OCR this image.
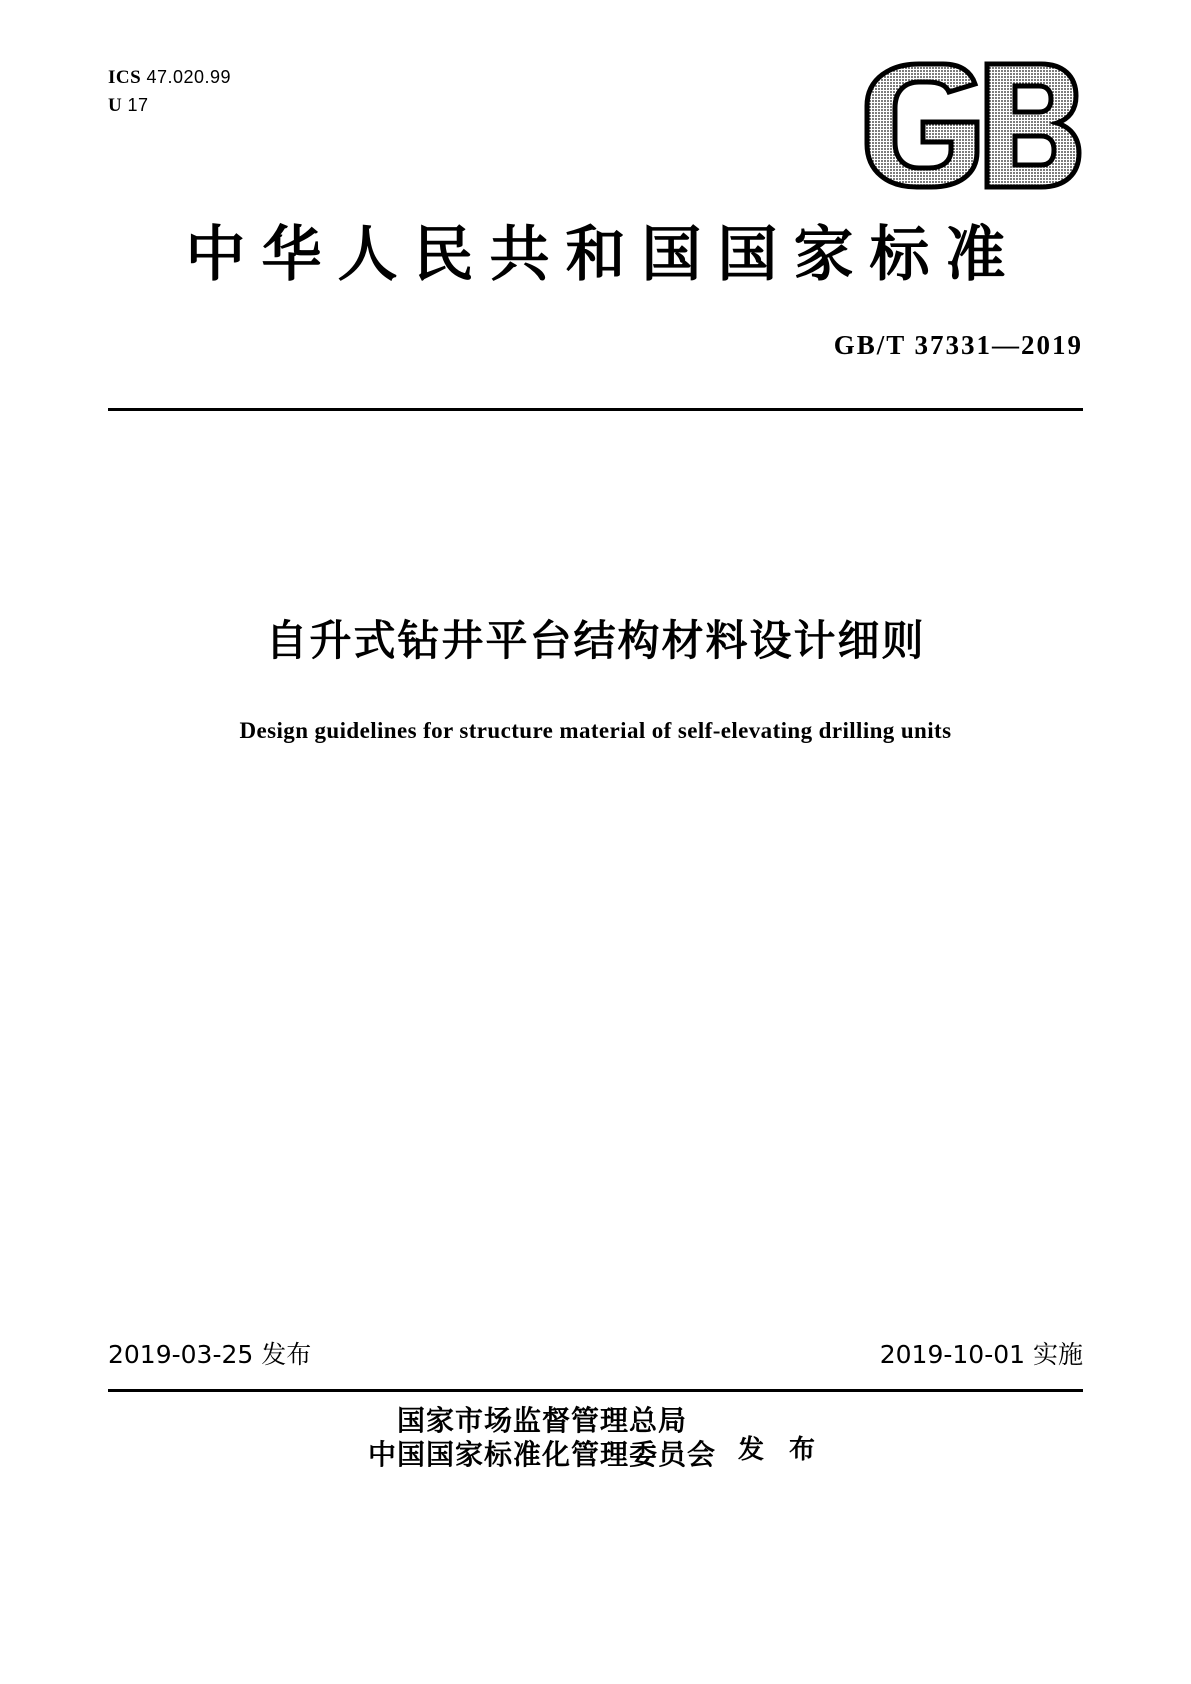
ICS 47.020.99
U 17
中华人民共和国国家标准
GB/T 37331—2019
自升式钻井平台结构材料设计细则
Design guidelines for structure material of self-elevating drilling units
2019-03-25 发布	2019-10-01 实施
国家市场监督管理总局
中国国家标准化管理委员会 发 布
